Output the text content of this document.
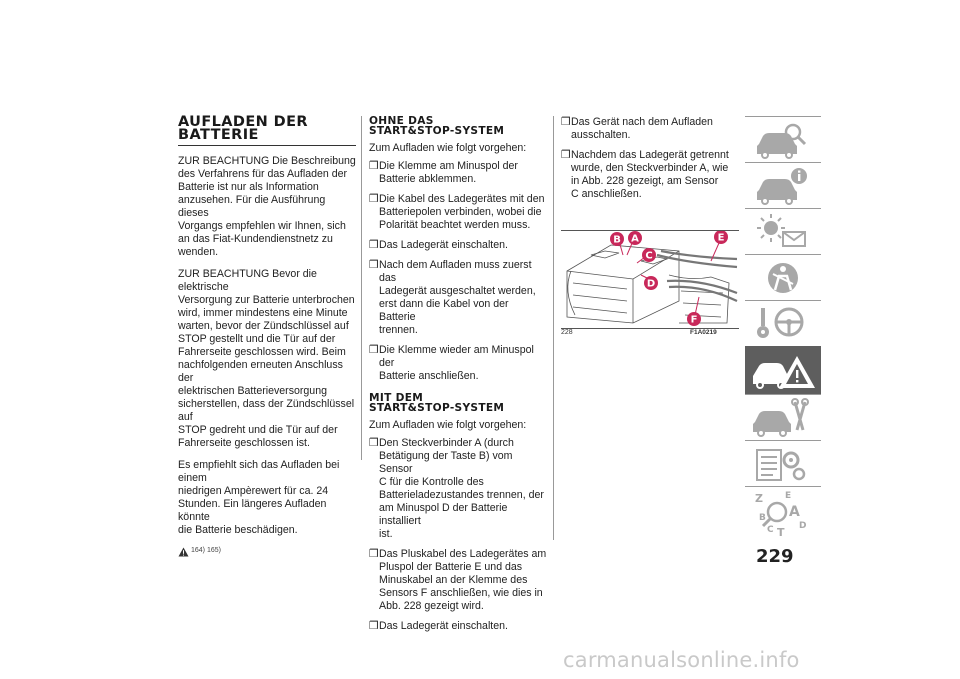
AUFLADEN DER
BATTERIE
ZUR BEACHTUNG Die Beschreibung
des Verfahrens für das Aufladen der
Batterie ist nur als Information
anzusehen. Für die Ausführung dieses
Vorgangs empfehlen wir Ihnen, sich
an das Fiat-Kundendienstnetz zu
wenden.
ZUR BEACHTUNG Bevor die elektrische
Versorgung zur Batterie unterbrochen
wird, immer mindestens eine Minute
warten, bevor der Zündschlüssel auf
STOP gestellt und die Tür auf der
Fahrerseite geschlossen wird. Beim
nachfolgenden erneuten Anschluss der
elektrischen Batterieversorgung
sicherstellen, dass der Zündschlüssel auf
STOP gedreht und die Tür auf der
Fahrerseite geschlossen ist.
Es empfiehlt sich das Aufladen bei einem
niedrigen Ampèrewert für ca. 24
Stunden. Ein längeres Aufladen könnte
die Batterie beschädigen.
164) 165)
OHNE DAS
START&STOP-SYSTEM
Zum Aufladen wie folgt vorgehen:
❒ Die Klemme am Minuspol der
Batterie abklemmen.
❒ Die Kabel des Ladegerätes mit den
Batteriepolen verbinden, wobei die
Polarität beachtet werden muss.
❒ Das Ladegerät einschalten.
❒ Nach dem Aufladen muss zuerst das
Ladegerät ausgeschaltet werden,
erst dann die Kabel von der Batterie
trennen.
❒ Die Klemme wieder am Minuspol der
Batterie anschließen.
MIT DEM
START&STOP-SYSTEM
Zum Aufladen wie folgt vorgehen:
❒ Den Steckverbinder A (durch
Betätigung der Taste B) vom Sensor
C für die Kontrolle des
Batterieladezustandes trennen, der
am Minuspol D der Batterie installiert
ist.
❒ Das Pluskabel des Ladegerätes am
Pluspol der Batterie E und das
Minuskabel an der Klemme des
Sensors F anschließen, wie dies in
Abb. 228 gezeigt wird.
❒ Das Ladegerät einschalten.
❒ Das Gerät nach dem Aufladen
ausschalten.
❒ Nachdem das Ladegerät getrennt
wurde, den Steckverbinder A, wie
in Abb. 228 gezeigt, am Sensor
C anschließen.
B A
C
D
E
F
228	F1A0219
Z E
B A
C	D
T
229
carmanualsonline.info
